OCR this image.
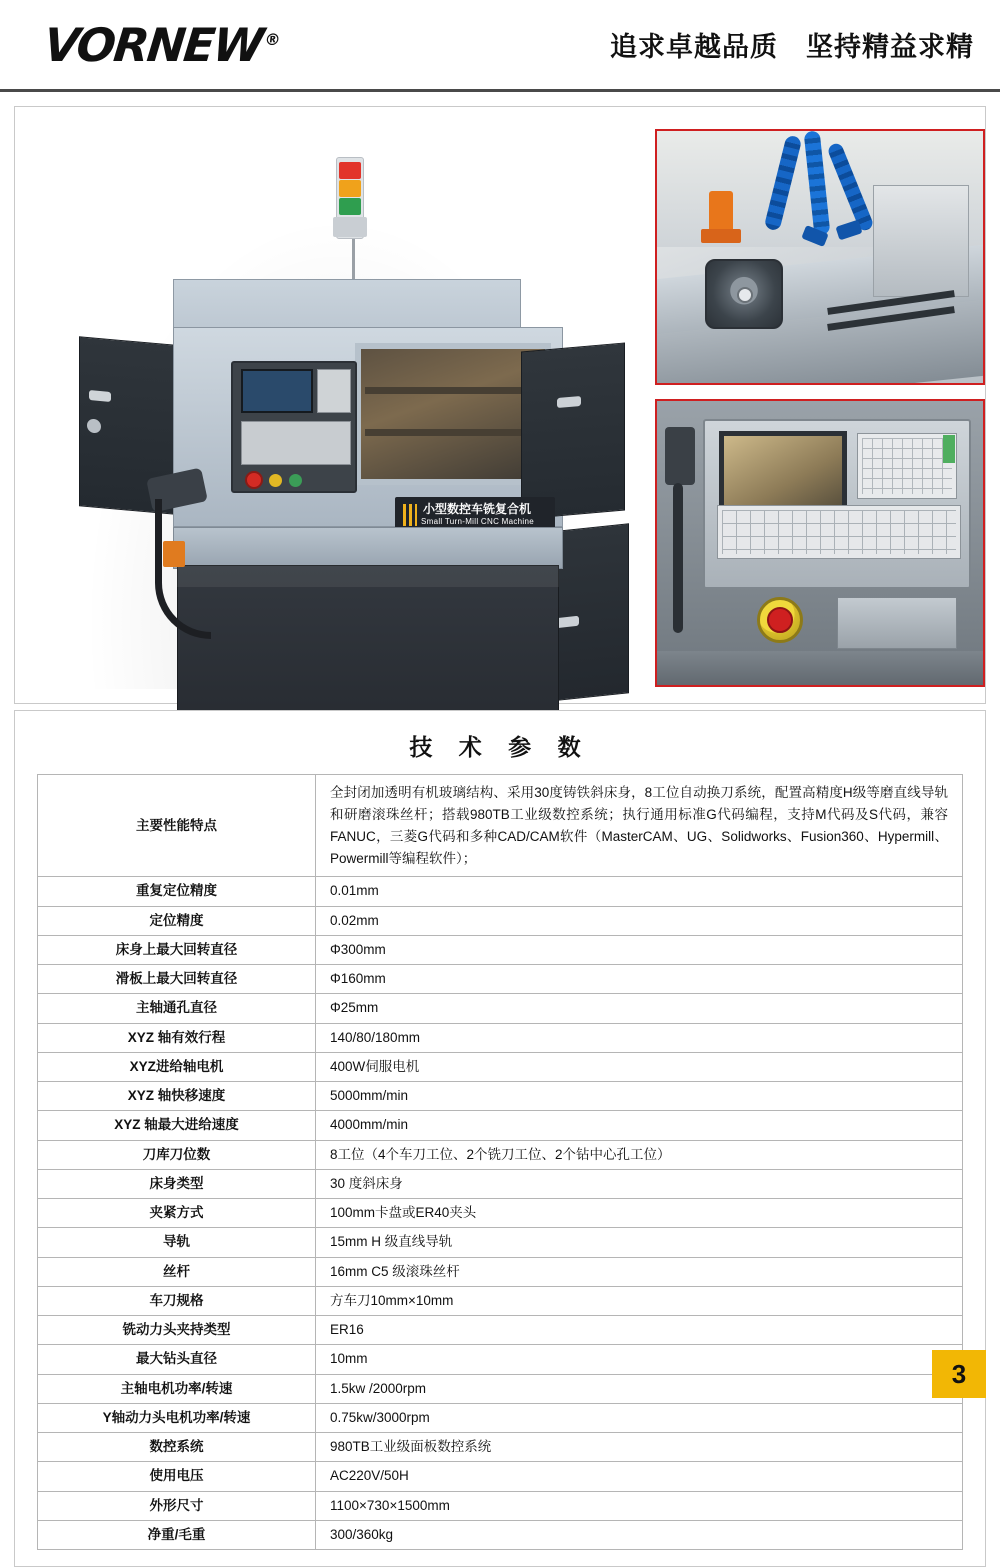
VORNEW®	追求卓越品质　坚持精益求精
小型数控车铣复合机
Small Turn-Mill CNC Machine
技 术 参 数
主要性能特点	全封闭加透明有机玻璃结构、采用30度铸铁斜床身，8工位自动换刀系统，配置高精度H级等磨直线导轨和研磨滚珠丝杆；搭载980TB工业级数控系统；执行通用标准G代码编程，支持M代码及S代码，兼容FANUC，三菱G代码和多种CAD/CAM软件（MasterCAM、UG、Solidworks、Fusion360、Hypermill、Powermill等编程软件）；
重复定位精度	0.01mm
定位精度	0.02mm
床身上最大回转直径	Φ300mm
滑板上最大回转直径	Φ160mm
主轴通孔直径	Φ25mm
XYZ 轴有效行程	140/80/180mm
XYZ进给轴电机	400W伺服电机
XYZ 轴快移速度	5000mm/min
XYZ 轴最大进给速度	4000mm/min
刀库刀位数	8工位（4个车刀工位、2个铣刀工位、2个钻中心孔工位）
床身类型	30 度斜床身
夹紧方式	100mm卡盘或ER40夹头
导轨	15mm H 级直线导轨
丝杆	16mm C5 级滚珠丝杆
车刀规格	方车刀10mm×10mm
铣动力头夹持类型	ER16
最大钻头直径	10mm
主轴电机功率/转速	1.5kw /2000rpm
Y轴动力头电机功率/转速	0.75kw/3000rpm
数控系统	980TB工业级面板数控系统
使用电压	AC220V/50H
外形尺寸	1100×730×1500mm
净重/毛重	300/360kg
3
